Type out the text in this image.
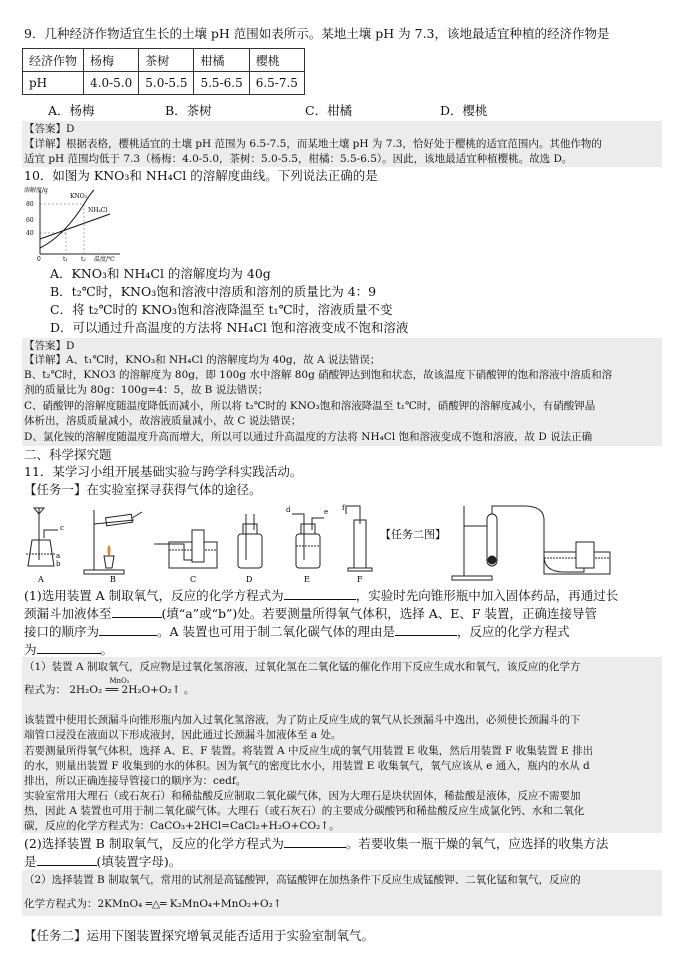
9．几种经济作物适宜生长的土壤 pH 范围如表所示。某地土壤 pH 为 7.3，该地最适宜种植的经济作物是
经济作物	杨梅	茶树	柑橘	樱桃
pH	4.0-5.0	5.0-5.5	5.5-6.5	6.5-7.5
A．杨梅	B．茶树	C．柑橘	D．樱桃
【答案】D
【详解】根据表格，樱桃适宜的土壤 pH 范围为 6.5-7.5，而某地土壤 pH 为 7.3，恰好处于樱桃的适宜范围内。其他作物的
适宜 pH 范围均低于 7.3（杨梅：4.0-5.0，茶树：5.0-5.5，柑橘：5.5-6.5）。因此，该地最适宜种植樱桃。故选 D。
10．如图为 KNO₃和 NH₄Cl 的溶解度曲线。下列说法正确的是
溶解度/g
80
60
40
KNO₃
NH₄Cl
0	t₁ t₂ 温度/℃
A．KNO₃和 NH₄Cl 的溶解度均为 40g
B．t₂℃时，KNO₃饱和溶液中溶质和溶剂的质量比为 4：9
C．将 t₂℃时的 KNO₃饱和溶液降温至 t₁℃时，溶液质量不变
D．可以通过升高温度的方法将 NH₄Cl 饱和溶液变成不饱和溶液
【答案】D
【详解】A、t₁℃时，KNO₃和 NH₄Cl 的溶解度均为 40g，故 A 说法错误；
B、t₂℃时，KNO3 的溶解度为 80g，即 100g 水中溶解 80g 硝酸钾达到饱和状态，故该温度下硝酸钾的饱和溶液中溶质和溶
剂的质量比为 80g：100g=4：5，故 B 说法错误；
C、硝酸钾的溶解度随温度降低而减小，所以将 t₂℃时的 KNO₃饱和溶液降温至 t₁℃时，硝酸钾的溶解度减小，有硝酸钾晶
体析出，溶质质量减小，故溶液质量减小，故 C 说法错误；
D、氯化铵的溶解度随温度升高而增大，所以可以通过升高温度的方法将 NH₄Cl 饱和溶液变成不饱和溶液，故 D 说法正确
二、科学探究题
11．某学习小组开展基础实验与跨学科实践活动。
【任务一】在实验室探寻获得气体的途径。
c
a
b
A	B	C	D
d	e
E
f
F
【任务二图】
(1)选用装置 A 制取氧气，反应的化学方程式为	，实验时先向锥形瓶中加入固体药品，再通过长
颈漏斗加液体至	(填“a”或“b”)处。若要测量所得氧气体积，选择 A、E、F 装置，正确连接导管
接口的顺序为	。A 装置也可用于制二氧化碳气体的理由是	，反应的化学方程式
为	。
（1）装置 A 制取氧气，反应物是过氧化氢溶液，过氧化氢在二氧化锰的催化作用下反应生成水和氧气，该反应的化学方
程式为：
MnO₂
2H₂O₂ ══ 2H₂O+O₂↑ 。
该装置中使用长颈漏斗向锥形瓶内加入过氧化氢溶液，为了防止反应生成的氧气从长颈漏斗中逸出，必须使长颈漏斗的下
端管口浸没在液面以下形成液封，因此通过长颈漏斗加液体至 a 处。
若要测量所得氧气体积，选择 A、E、F 装置。将装置 A 中反应生成的氧气用装置 E 收集，然后用装置 F 收集装置 E 排出
的水，则量出装置 F 收集到的水的体积。因为氧气的密度比水小，用装置 E 收集氧气，氧气应该从 e 通入，瓶内的水从 d
排出，所以正确连接导管接口的顺序为：cedf。
实验室常用大理石（或石灰石）和稀盐酸反应制取二氧化碳气体，因为大理石是块状固体，稀盐酸是液体，反应不需要加
热，因此 A 装置也可用于制二氧化碳气体。大理石（或石灰石）的主要成分碳酸钙和稀盐酸反应生成氯化钙、水和二氧化
碳，反应的化学方程式为：CaCO₃+2HCl=CaCl₂+H₂O+CO₂↑。
(2)选择装置 B 制取氧气，反应的化学方程式为	。若要收集一瓶干燥的氧气，应选择的收集方法
是	(填装置字母)。
（2）选择装置 B 制取氧气，常用的试剂是高锰酸钾，高锰酸钾在加热条件下反应生成锰酸钾、二氧化锰和氧气，反应的
化学方程式为：2KMnO₄ ═△═ K₂MnO₄+MnO₂+O₂↑
【任务二】运用下图装置探究增氧灵能否适用于实验室制氧气。
